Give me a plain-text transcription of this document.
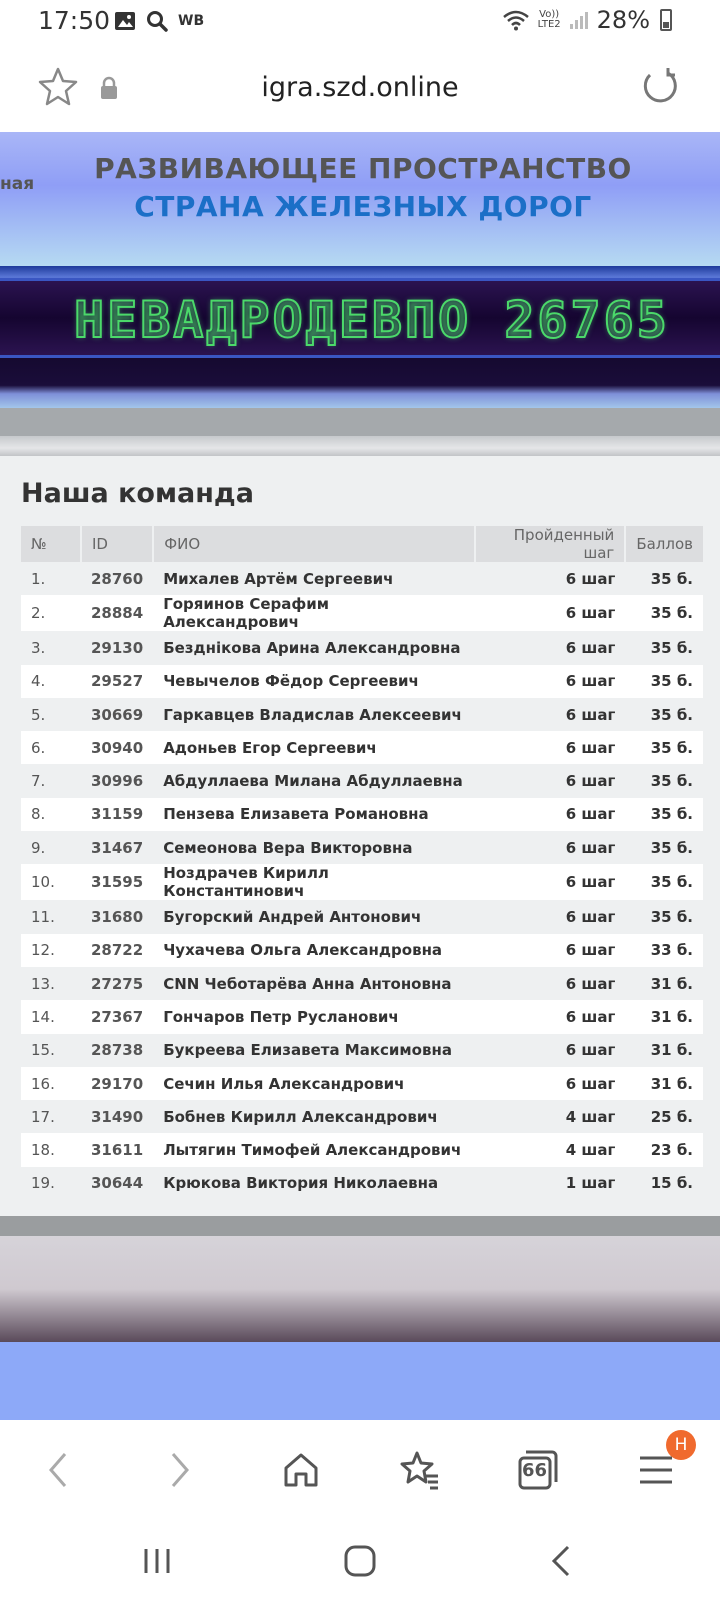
17:50	WB	Vo))
LTE2 28%
igra.szd.online
ная	РАЗВИВАЮЩЕЕ ПРОСТРАНСТВО
СТРАНА ЖЕЛЕЗНЫХ ДОРОГ
НЕВАДРОДЕВПО 26765
Наша команда
№	ID	ФИО	Пройденный шаг	Баллов
1.	28760	Михалев Артём Сергеевич	6 шаг	35 б.
2.	28884	Горяинов Серафим Александрович	6 шаг	35 б.
3.	29130	Безднікова Арина Александровна	6 шаг	35 б.
4.	29527	Чевычелов Фёдор Сергеевич	6 шаг	35 б.
5.	30669	Гаркавцев Владислав Алексеевич	6 шаг	35 б.
6.	30940	Адоньев Егор Сергеевич	6 шаг	35 б.
7.	30996	Абдуллаева Милана Абдуллаевна	6 шаг	35 б.
8.	31159	Пензева Елизавета Романовна	6 шаг	35 б.
9.	31467	Семеонова Вера Викторовна	6 шаг	35 б.
10.	31595	Ноздрачев Кирилл Константинович	6 шаг	35 б.
11.	31680	Бугорский Андрей Антонович	6 шаг	35 б.
12.	28722	Чухачева Ольга Александровна	6 шаг	33 б.
13.	27275	CNN Чеботарёва Анна Антоновна	6 шаг	31 б.
14.	27367	Гончаров Петр Русланович	6 шаг	31 б.
15.	28738	Букреева Елизавета Максимовна	6 шаг	31 б.
16.	29170	Сечин Илья Александрович	6 шаг	31 б.
17.	31490	Бобнев Кирилл Александрович	4 шаг	25 б.
18.	31611	Лытягин Тимофей Александрович	4 шаг	23 б.
19.	30644	Крюкова Виктория Николаевна	1 шаг	15 б.
66
H
